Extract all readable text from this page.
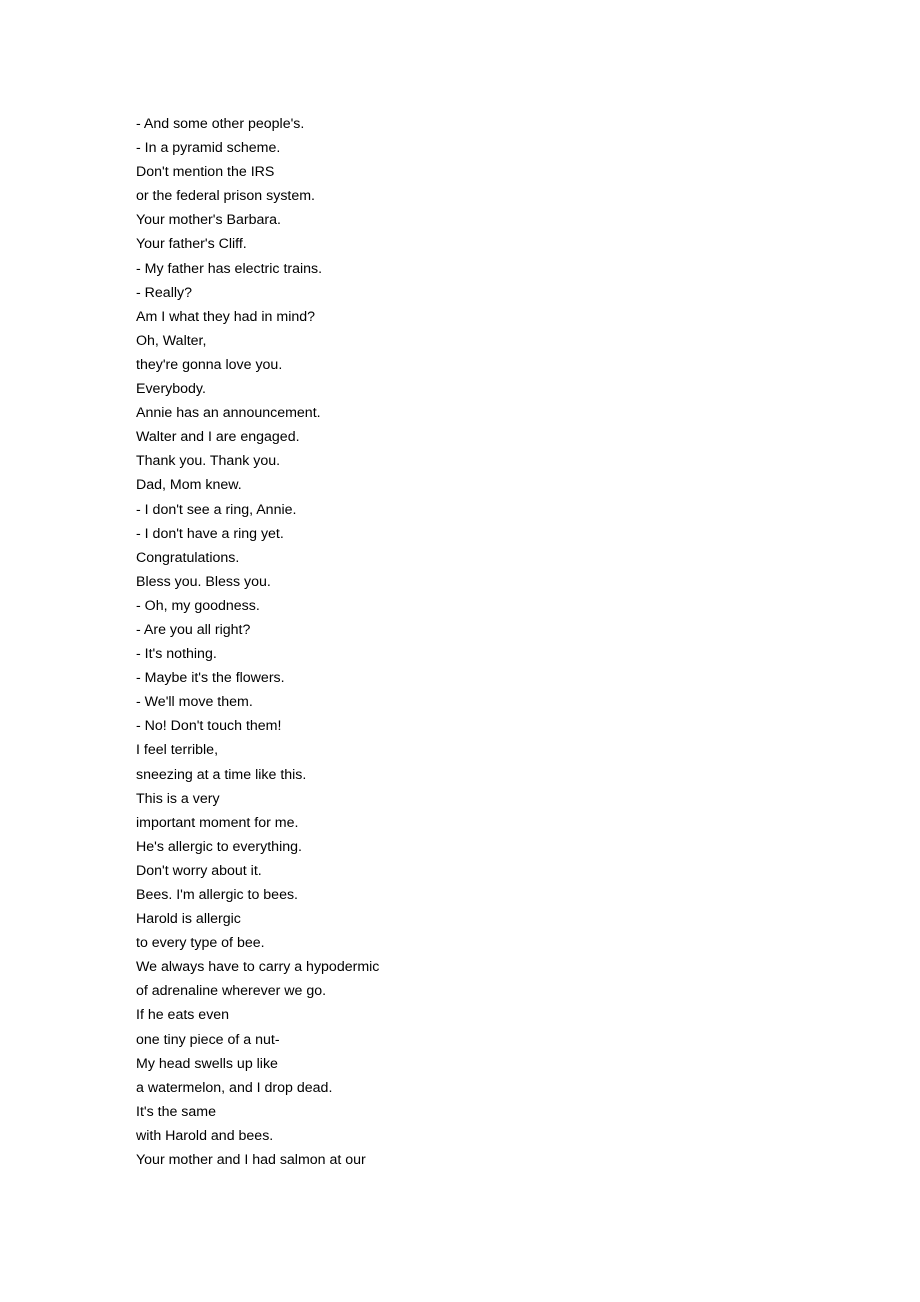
- And some other people's.
- In a pyramid scheme.
Don't mention the IRS
or the federal prison system.
Your mother's Barbara.
Your father's Cliff.
- My father has electric trains.
- Really?
Am I what they had in mind?
Oh, Walter,
they're gonna love you.
Everybody.
Annie has an announcement.
Walter and I are engaged.
Thank you. Thank you.
Dad, Mom knew.
- I don't see a ring, Annie.
- I don't have a ring yet.
Congratulations.
Bless you. Bless you.
- Oh, my goodness.
- Are you all right?
- It's nothing.
- Maybe it's the flowers.
- We'll move them.
- No! Don't touch them!
I feel terrible,
sneezing at a time like this.
This is a very
important moment for me.
He's allergic to everything.
Don't worry about it.
Bees. I'm allergic to bees.
Harold is allergic
to every type of bee.
We always have to carry a hypodermic
of adrenaline wherever we go.
If he eats even
one tiny piece of a nut-
My head swells up like
a watermelon, and I drop dead.
It's the same
with Harold and bees.
Your mother and I had salmon at our
